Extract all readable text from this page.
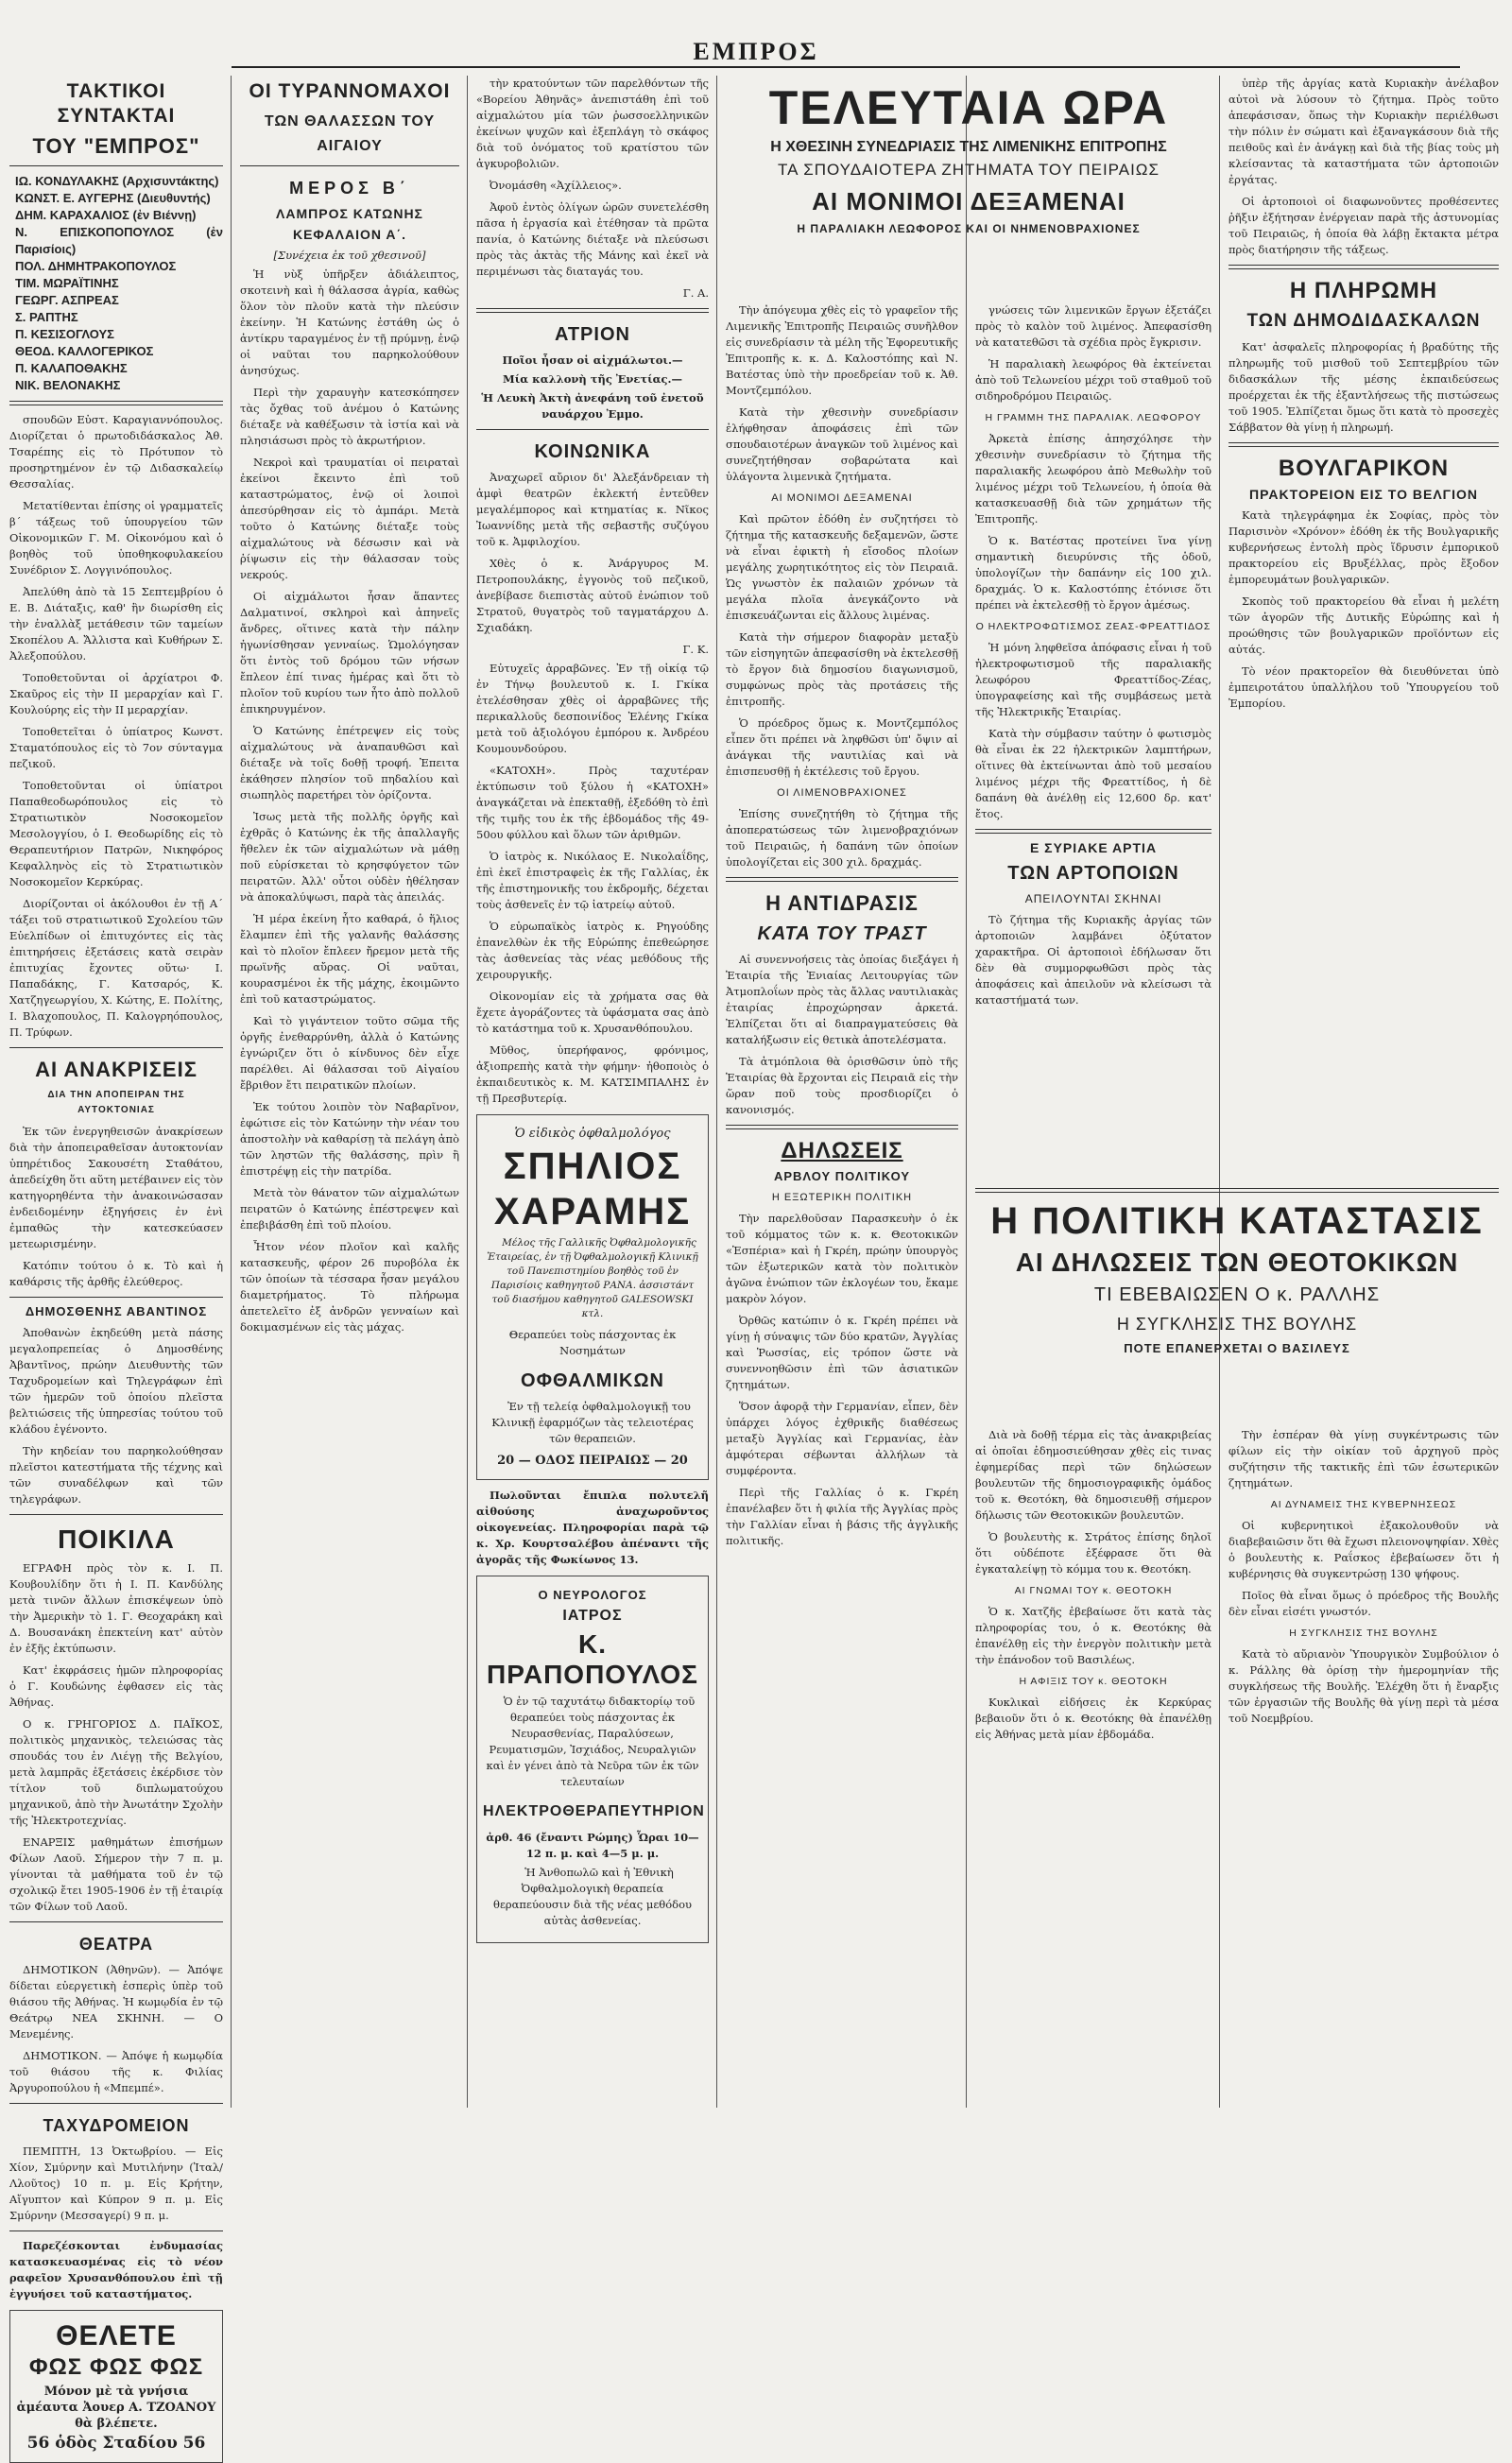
ΕΜΠΡΟΣ
ΤΑΚΤΙΚΟΙ ΣΥΝΤΑΚΤΑΙ
ΤΟΥ "ΕΜΠΡΟΣ"
ΙΩ. ΚΟΝΔΥΛΑΚΗΣ (Αρχισυντάκτης)
ΚΩΝΣΤ. Ε. ΑΥΓΕΡΗΣ (Διευθυντής)
ΔΗΜ. ΚΑΡΑΧΑΛΙΟΣ (ἐν Βιέννῃ)
Ν. ΕΠΙΣΚΟΠΟΠΟΥΛΟΣ (ἐν Παρισίοις)
ΠΟΛ. ΔΗΜΗΤΡΑΚΟΠΟΥΛΟΣ
ΤΙΜ. ΜΩΡΑΪΤΙΝΗΣ
ΓΕΩΡΓ. ΑΣΠΡΕΑΣ
Σ. ΡΑΠΤΗΣ
Π. ΚΕΣΙΣΟΓΛΟΥΣ
ΘΕΟΔ. ΚΑΛΛΟΓΕΡΙΚΟΣ
Π. ΚΑΛΑΠΟΘΑΚΗΣ
ΝΙΚ. ΒΕΛΟΝΑΚΗΣ

σπουδῶν Εὐστ. Καραγιαννόπουλος. Διορίζεται ὁ πρωτοδιδάσκαλος Ἀθ. Τσαρέπης εἰς τὸ Πρότυπον τὸ προσηρτημένον ἐν τῷ Διδασκαλείῳ Θεσσαλίας.

Μετατίθενται ἐπίσης οἱ γραμματεῖς β΄ τάξεως τοῦ ὑπουργείου τῶν Οἰκονομικῶν Γ. Μ. Οἰκονόμου καὶ ὁ βοηθὸς τοῦ ὑποθηκοφυλακείου Συνέδριον Σ. Λογγινόπουλος.

Ἀπελύθη ἀπὸ τὰ 15 Σεπτεμβρίου ὁ Ε. Β. Διάταξις, καθ' ἣν διωρίσθη εἰς τὴν ἐναλλὰξ μετάθεσιν τῶν ταμείων Σκοπέλου Α. Ἄλλιστα καὶ Κυθήρων Σ. Ἀλεξοπούλου.

Τοποθετοῦνται οἱ ἀρχίατροι Φ. Σκαῦρος εἰς τὴν ΙΙ μεραρχίαν καὶ Γ. Κουλούρης εἰς τὴν ΙΙ μεραρχίαν.

Τοποθετεῖται ὁ ὑπίατρος Κωνστ. Σταματόπουλος εἰς τὸ 7ον σύνταγμα πεζικοῦ.

Τοποθετοῦνται οἱ ὑπίατροι Παπαθεοδωρόπουλος εἰς τὸ Στρατιωτικὸν Νοσοκομεῖον Μεσολογγίου, ὁ Ι. Θεοδωρίδης εἰς τὸ Θεραπευτήριον Πατρῶν, Νικηφόρος Κεφαλληνὸς εἰς τὸ Στρατιωτικὸν Νοσοκομεῖον Κερκύρας.

Διορίζονται οἱ ἀκόλουθοι ἐν τῇ Α΄ τάξει τοῦ στρατιωτικοῦ Σχολείου τῶν Εὐελπίδων οἱ ἐπιτυχόντες εἰς τὰς ἐπιτηρήσεις ἐξετάσεις κατὰ σειρὰν ἐπιτυχίας ἔχοντες οὕτω· Ι. Παπαδάκης, Γ. Κατσαρός, Κ. Χατζηγεωργίου, Χ. Κώτης, Ε. Πολίτης, Ι. Βλαχοπουλος, Π. Καλογρηόπουλος, Π. Τρύφων.

ΑΙ ΑΝΑΚΡΙΣΕΙΣ
ΔΙΑ ΤΗΝ ΑΠΟΠΕΙΡΑΝ ΤΗΣ ΑΥΤΟΚΤΟΝΙΑΣ

Ἐκ τῶν ἐνεργηθεισῶν ἀνακρίσεων διὰ τὴν ἀποπειραθεῖσαν ἀυτοκτονίαν ὑπηρέτιδος Σακουσέτη Σταθάτου, ἀπεδείχθη ὅτι αὕτη μετέβαινεν εἰς τὸν κατηγορηθέντα τὴν ἀνακοινώσασαν ἐνδειδομένην ἐξηγήσεις ἐν ἑνὶ ἐμπαθῶς τὴν κατεσκεύασεν μετεωρισμένην.

Κατόπιν τούτου ὁ κ. Τὸ καὶ ἡ καθάρσις τῆς ἀρθῆς ἐλεύθερος.

ΔΗΜΟΣΘΕΝΗΣ ΑΒΑΝΤΙΝΟΣ

Ἀποθανὼν ἐκηδεύθη μετὰ πάσης μεγαλοπρεπείας ὁ Δημοσθένης Ἀβαντῖνος, πρώην Διευθυντὴς τῶν Ταχυδρομείων καὶ Τηλεγράφων ἐπὶ τῶν ἡμερῶν τοῦ ὁποίου πλεῖστα βελτιώσεις τῆς ὑπηρεσίας τούτου τοῦ κλάδου ἐγένοντο.

Τὴν κηδείαν του παρηκολούθησαν πλεῖστοι κατεστήματα τῆς τέχνης καὶ τῶν συναδέλφων καὶ τῶν τηλεγράφων.

ΠΟΙΚΙΛΑ

ΕΓΡΑΦΗ πρὸς τὸν κ. Ι. Π. Κουβουλίδην ὅτι ἡ Ι. Π. Κανδύλης μετὰ τινῶν ἄλλων ἐπισκέψεων ὑπὸ τὴν Ἀμερικὴν τὸ 1. Γ. Θεοχαράκη καὶ Δ. Βουσανάκη ἐπεκτείνη κατ' αὐτὸν ἐν ἐξῆς ἐκτύπωσιν.

Κατ' ἐκφράσεις ἡμῶν πληροφορίας ὁ Γ. Κουδώνης ἐφθασεν εἰς τὰς Ἀθήνας.

Ο κ. ΓΡΗΓΟΡΙΟΣ Δ. ΠΑΪΚΟΣ, πολιτικὸς μηχανικὸς, τελειώσας τὰς σπουδάς του ἐν Λιέγῃ τῆς Βελγίου, μετὰ λαμπρᾶς ἐξετάσεις ἐκέρδισε τὸν τίτλον τοῦ διπλωματούχου μηχανικοῦ, ἀπὸ τὴν Ἀνωτάτην Σχολὴν τῆς Ἠλεκτροτεχνίας.

ΕΝΑΡΞΙΣ μαθημάτων ἐπισήμων Φίλων Λαοῦ. Σήμερον τὴν 7 π. μ. γίνονται τὰ μαθήματα τοῦ ἐν τῷ σχολικῷ ἔτει 1905-1906 ἐν τῇ ἑταιρίᾳ τῶν Φίλων τοῦ Λαοῦ.

ΘΕΑΤΡΑ

ΔΗΜΟΤΙΚΟΝ (Ἀθηνῶν). — Ἀπόψε δίδεται εὐεργετικὴ ἑσπερὶς ὑπὲρ τοῦ θιάσου τῆς Ἀθήνας. Ἡ κωμῳδία ἐν τῷ Θεάτρῳ ΝΕΑ ΣΚΗΝΗ. — Ο Μενεμένης.

ΔΗΜΟΤΙΚΟΝ. — Ἀπόψε ἡ κωμῳδία τοῦ θιάσου τῆς κ. Φιλίας Ἀργυροπούλου ἡ «Μπεμπέ».

ΤΑΧΥΔΡΟΜΕΙΟΝ

ΠΕΜΠΤΗ, 13 Ὀκτωβρίου. — Εἰς Χίον, Σμύρνην καὶ Μυτιλήνην (Ἰταλ/Λλοῦτος) 10 π. μ. Εἰς Κρήτην, Αἴγυπτον καὶ Κύπρον 9 π. μ. Εἰς Σμύρνην (Μεσσαγερί) 9 π. μ.

Παρεζέσκονται ἐνδυμασίας κατασκευασμένας εἰς τὸ νέον ραφεῖον Χρυσανθόπουλου ἐπὶ τῇ ἐγγυήσει τοῦ καταστήματος.

ΘΕΛΕΤΕ
ΦΩΣ ΦΩΣ ΦΩΣ
Μόνον μὲ τὰ γνήσια ἀμέαυτα Ἀουερ Α. ΤΖΟΑΝΟΥ θὰ βλέπετε.
56 ὁδὸς Σταδίου 56
ΟΙ ΤΥΡΑΝΝΟΜΑΧΟΙ
ΤΩΝ ΘΑΛΑΣΣΩΝ ΤΟΥ ΑΙΓΑΙΟΥ
ΜΕΡΟΣ Β΄
ΛΑΜΠΡΟΣ ΚΑΤΩΝΗΣ
ΚΕΦΑΛΑΙΟΝ Α΄.

[Συνέχεια ἐκ τοῦ χθεσινοῦ]

Ἡ νὺξ ὑπῆρξεν ἀδιάλειπτος, σκοτεινὴ καὶ ἡ θάλασσα ἀγρία, καθὼς ὅλον τὸν πλοῦν κατὰ τὴν πλεύσιν ἐκείνην. Ἡ Κατώνης ἐστάθη ὡς ὁ ἀντίκρυ ταραγμένος ἐν τῇ πρύμνῃ, ἐνῷ οἱ ναῦται του παρηκολούθουν ἀνησύχως.

Περὶ τὴν χαραυγὴν κατεσκόπησεν τὰς ὄχθας τοῦ ἀνέμου ὁ Κατώνης διέταξε νὰ καθέξωσιν τὰ ἱστία καὶ νὰ πλησιάσωσι πρὸς τὸ ἀκρωτήριον.

Νεκροὶ καὶ τραυματίαι οἱ πειραταὶ ἐκείνοι ἔκειντο ἐπὶ τοῦ καταστρώματος, ἐνῷ οἱ λοιποὶ ἀπεσύρθησαν εἰς τὸ ἀμπάρι. Μετὰ τοῦτο ὁ Κατώνης διέταξε τοὺς αἰχμαλώτους νὰ δέσωσιν καὶ νὰ ῥίψωσιν εἰς τὴν θάλασσαν τοὺς νεκρούς.

Οἱ αἰχμάλωτοι ἦσαν ἅπαντες Δαλματινοί, σκληροὶ καὶ ἀπηνεῖς ἄνδρες, οἵτινες κατὰ τὴν πάλην ἠγωνίσθησαν γενναίως. Ὡμολόγησαν ὅτι ἐντὸς τοῦ δρόμου τῶν νήσων ἔπλεον ἐπί τινας ἡμέρας καὶ ὅτι τὸ πλοῖον τοῦ κυρίου των ἦτο ἀπὸ πολλοῦ ἐπικηρυγμένον.

Ὁ Κατώνης ἐπέτρεψεν εἰς τοὺς αἰχμαλώτους νὰ ἀναπαυθῶσι καὶ διέταξε νὰ τοῖς δοθῇ τροφή. Ἐπειτα ἐκάθησεν πλησίον τοῦ πηδαλίου καὶ σιωπηλὸς παρετήρει τὸν ὁρίζοντα.

Ἰσως μετὰ τῆς πολλῆς ὀργῆς καὶ ἐχθρᾶς ὁ Κατώνης ἐκ τῆς ἀπαλλαγῆς ἤθελεν ἐκ τῶν αἰχμαλώτων νὰ μάθῃ ποῦ εὑρίσκεται τὸ κρησφύγετον τῶν πειρατῶν. Ἀλλ' οὗτοι οὐδὲν ἠθέλησαν νὰ ἀποκαλύψωσι, παρὰ τὰς ἀπειλάς.

Ἡ μέρα ἐκείνη ἦτο καθαρά, ὁ ἥλιος ἔλαμπεν ἐπὶ τῆς γαλανῆς θαλάσσης καὶ τὸ πλοῖον ἔπλεεν ἤρεμον μετὰ τῆς πρωϊνῆς αὔρας. Οἱ ναῦται, κουρασμένοι ἐκ τῆς μάχης, ἐκοιμῶντο ἐπὶ τοῦ καταστρώματος.

Καὶ τὸ γιγάντειον τοῦτο σῶμα τῆς ὀργῆς ἐνεθαρρύνθη, ἀλλὰ ὁ Κατώνης ἐγνώριζεν ὅτι ὁ κίνδυνος δὲν εἶχε παρέλθει. Αἱ θάλασσαι τοῦ Αἰγαίου ἔβριθον ἔτι πειρατικῶν πλοίων.

Ἐκ τούτου λοιπὸν τὸν Ναβαρῖνον, ἐφώτισε εἰς τὸν Κατώνην τὴν νέαν του ἀποστολὴν νὰ καθαρίσῃ τὰ πελάγη ἀπὸ τῶν ληστῶν τῆς θαλάσσης, πρὶν ἢ ἐπιστρέψῃ εἰς τὴν πατρίδα.

Μετὰ τὸν θάνατον τῶν αἰχμαλώτων πειρατῶν ὁ Κατώνης ἐπέστρεψεν καὶ ἐπεβιβάσθη ἐπὶ τοῦ πλοίου.

Ἦτον νέον πλοῖον καὶ καλῆς κατασκευῆς, φέρον 26 πυροβόλα ἐκ τῶν ὁποίων τὰ τέσσαρα ἦσαν μεγάλου διαμετρήματος. Τὸ πλήρωμα ἀπετελεῖτο ἐξ ἀνδρῶν γενναίων καὶ δοκιμασμένων εἰς τὰς μάχας.

τὴν κρατούντων τῶν παρελθόντων τῆς «Βορείου Ἀθηνᾶς» ἀνεπιστάθη ἐπὶ τοῦ αἰχμαλώτου μία τῶν ῥωσσοελληνικῶν ἐκείνων ψυχῶν καὶ ἐξεπλάγη τὸ σκάφος διὰ τοῦ ὀνόματος τοῦ κρατίστου τῶν ἀγκυροβολιῶν.

Ὀνομάσθη «Ἀχίλλειος».

Ἀφοῦ ἐντὸς ὀλίγων ὡρῶν συνετελέσθη πᾶσα ἡ ἐργασία καὶ ἐτέθησαν τὰ πρῶτα πανία, ὁ Κατώνης διέταξε νὰ πλεύσωσι πρὸς τὰς ἀκτὰς τῆς Μάνης καὶ ἐκεῖ νὰ περιμένωσι τὰς διαταγάς του.

Γ. Α.

ΑΤΡΙΟΝ

Ποῖοι ἦσαν οἱ αἰχμάλωτοι.—

Μία καλλονὴ τῆς Ἐνετίας.—

Ἡ Λευκὴ Ἀκτὴ ἀνεφάνη τοῦ ἐνετοῦ ναυάρχου Ἐμμο.

ΚΟΙΝΩΝΙΚΑ

Ἀναχωρεῖ αὔριον δι' Ἀλεξάνδρειαν τὴ ἀμφὶ θεατρῶν ἐκλεκτή ἐντεῦθεν μεγαλέμπορος καὶ κτηματίας κ. Νῖκος Ἰωαννίδης μετὰ τῆς σεβαστῆς συζύγου τοῦ κ. Ἀμφιλοχίου.

Χθὲς ὁ κ. Ἀνάργυρος Μ. Πετροπουλάκης, ἐγγονὸς τοῦ πεζικοῦ, ἀνεβίβασε διεπιστὰς αὐτοῦ ἐνώπιον τοῦ Στρατοῦ, θυγατρὸς τοῦ ταγματάρχου Δ. Σχιαδάκη.

Γ. Κ.

Εὐτυχεῖς ἀρραβῶνες. Ἐν τῇ οἰκίᾳ τῷ ἐν Τήνῳ βουλευτοῦ κ. Ι. Γκίκα ἐτελέσθησαν χθὲς οἱ ἀρραβῶνες τῆς περικαλλοῦς δεσποινίδος Ἐλένης Γκίκα μετὰ τοῦ ἀξιολόγου ἐμπόρου κ. Ἀνδρέου Κουμουνδούρου.

«ΚΑΤΟΧΗ». Πρὸς ταχυτέραν ἐκτύπωσιν τοῦ ξύλου ἡ «ΚΑΤΟΧΗ» ἀναγκάζεται νὰ ἐπεκταθῇ, ἐξεδόθη τὸ ἐπὶ τῆς τιμῆς του ἐκ τῆς ἑβδομάδος τῆς 49-50ου φύλλου καὶ ὅλων τῶν ἀριθμῶν.

Ὁ ἰατρὸς κ. Νικόλαος Ε. Νικολαΐδης, ἐπὶ ἐκεῖ ἐπιστραφεὶς ἐκ τῆς Γαλλίας, ἐκ τῆς ἐπιστημονικῆς του ἐκδρομῆς, δέχεται τοὺς ἀσθενεῖς ἐν τῷ ἰατρείῳ αὐτοῦ.

Ὁ εὐρωπαϊκὸς ἰατρὸς κ. Ρηγούδης ἐπανελθὼν ἐκ τῆς Εὐρώπης ἐπεθεώρησε τὰς ἀσθενείας τὰς νέας μεθόδους τῆς χειρουργικῆς.

Οἰκονομίαν εἰς τὰ χρήματα σας θὰ ἔχετε ἀγοράζοντες τὰ ὑφάσματα σας ἀπὸ τὸ κατάστημα τοῦ κ. Χρυσανθόπουλου.

Μῦθος, ὑπερήφανος, φρόνιμος, ἀξιοπρεπὴς κατὰ τὴν φήμην· ἠθοποιὸς ὁ ἐκπαιδευτικὸς κ. Μ. ΚΑΤΣΙΜΠΑΛΗΣ ἐν τῇ Πρεσβυτερίᾳ.

Ὁ εἰδικὸς ὀφθαλμολόγος
ΣΠΗΛΙΟΣ
ΧΑΡΑΜΗΣ

Μέλος τῆς Γαλλικῆς Ὀφθαλμολογικῆς Ἑταιρείας, ἐν τῇ Ὀφθαλμολογικῇ Κλινικῇ τοῦ Πανεπιστημίου βοηθὸς τοῦ ἐν Παρισίοις καθηγητοῦ ΡΑΝΑ. ἀσσιστάντ τοῦ διασήμου καθηγητοῦ GALESOWSKI κτλ.

Θεραπεύει τοὺς πάσχοντας ἐκ Νοσημάτων
ΟΦΘΑΛΜΙΚΩΝ

Ἐν τῇ τελείᾳ ὀφθαλμολογικῇ του Κλινικῇ ἐφαρμόζων τὰς τελειοτέρας τῶν θεραπειῶν.

20 — ΟΔΟΣ ΠΕΙΡΑΙΩΣ — 20

Πωλοῦνται ἔπιπλα πολυτελῆ αἰθούσης ἀναχωροῦντος οἰκογενείας. Πληροφορίαι παρὰ τῷ κ. Χρ. Κουρτσαλέβου ἀπέναντι τῆς ἀγορᾶς τῆς Φωκίωνος 13.

Ο ΝΕΥΡΟΛΟΓΟΣ
ΙΑΤΡΟΣ
Κ. ΠΡΑΠΟΠΟΥΛΟΣ

Ὁ ἐν τῷ ταχυτάτῳ διδακτορίῳ τοῦ θεραπεύει τοὺς πάσχοντας ἐκ Νευρασθενίας, Παραλύσεων, Ρευματισμῶν, Ἰσχιάδος, Νευραλγιῶν καὶ ἐν γένει ἀπὸ τὰ Νεῦρα τῶν ἐκ τῶν τελευταίων

ΗΛΕΚΤΡΟΘΕΡΑΠΕΥΤΗΡΙΟΝ
ἀρθ. 46 (ἔναντι Ρώμης) Ὧραι 10—12 π. μ. καὶ 4—5 μ. μ.

Ἡ Ἀνθοπωλῶ καὶ ἡ Ἐθνικὴ Ὀφθαλμολογικὴ θεραπεία θεραπεύουσιν διὰ τῆς νέας μεθόδου αὐτὰς ἀσθενείας.

ΤΕΛΕΥΤΑΙΑ ΩΡΑ
Η ΧΘΕΣΙΝΗ ΣΥΝΕΔΡΙΑΣΙΣ ΤΗΣ ΛΙΜΕΝΙΚΗΣ ΕΠΙΤΡΟΠΗΣ
ΤΑ ΣΠΟΥΔΑΙΟΤΕΡΑ ΖΗΤΗΜΑΤΑ ΤΟΥ ΠΕΙΡΑΙΩΣ
ΑΙ ΜΟΝΙΜΟΙ ΔΕΞΑΜΕΝΑΙ
Η ΠΑΡΑΛΙΑΚΗ ΛΕΩΦΟΡΟΣ ΚΑΙ ΟΙ ΝΗΜΕΝΟΒΡΑΧΙΟΝΕΣ

Τὴν ἀπόγευμα χθὲς εἰς τὸ γραφεῖον τῆς Λιμενικῆς Ἐπιτροπῆς Πειραιῶς συνῆλθον εἰς συνεδρίασιν τὰ μέλη τῆς Ἐφορευτικῆς Ἐπιτροπῆς κ. κ. Δ. Καλοστόπης καὶ Ν. Βατέστας ὑπὸ τὴν προεδρείαν τοῦ κ. Ἀθ. Μοντζεμπόλου.

Κατὰ τὴν χθεσινὴν συνεδρίασιν ἐλήφθησαν ἀποφάσεις ἐπὶ τῶν σπουδαιοτέρων ἀναγκῶν τοῦ λιμένος καὶ συνεζητήθησαν σοβαρώτατα καὶ ὑλάγοντα λιμενικὰ ζητήματα.

ΑΙ ΜΟΝΙΜΟΙ ΔΕΞΑΜΕΝΑΙ

Καὶ πρῶτον ἐδόθη ἐν συζητήσει τὸ ζήτημα τῆς κατασκευῆς δεξαμενῶν, ὥστε νὰ εἶναι ἐφικτὴ ἡ εἴσοδος πλοίων μεγάλης χωρητικότητος εἰς τὸν Πειραιᾶ. Ὡς γνωστὸν ἐκ παλαιῶν χρόνων τὰ μεγάλα πλοῖα ἀνεγκάζοντο νὰ ἐπισκευάζωνται εἰς ἄλλους λιμένας.

Κατὰ τὴν σήμερον διαφορὰν μεταξὺ τῶν εἰσηγητῶν ἀπεφασίσθη νὰ ἐκτελεσθῇ τὸ ἔργον διὰ δημοσίου διαγωνισμοῦ, συμφώνως πρὸς τὰς προτάσεις τῆς ἐπιτροπῆς.

Ὁ πρόεδρος ὅμως κ. Μοντζεμπόλος εἶπεν ὅτι πρέπει νὰ ληφθῶσι ὑπ' ὄψιν αἱ ἀνάγκαι τῆς ναυτιλίας καὶ νὰ ἐπισπευσθῇ ἡ ἐκτέλεσις τοῦ ἔργου.

ΟΙ ΛΙΜΕΝΟΒΡΑΧΙΟΝΕΣ

Ἐπίσης συνεζητήθη τὸ ζήτημα τῆς ἀποπερατώσεως τῶν λιμενοβραχιόνων τοῦ Πειραιῶς, ἡ δαπάνη τῶν ὁποίων ὑπολογίζεται εἰς 300 χιλ. δραχμάς.

Η ΑΝΤΙΔΡΑΣΙΣ
ΚΑΤΑ ΤΟΥ ΤΡΑΣΤ

Αἱ συνεννοήσεις τὰς ὁποίας διεξάγει ἡ Ἑταιρία τῆς Ἑνιαίας Λειτουργίας τῶν Ἀτμοπλοΐων πρὸς τὰς ἄλλας ναυτιλιακὰς ἑταιρίας ἐπροχώρησαν ἀρκετά. Ἐλπίζεται ὅτι αἱ διαπραγματεύσεις θὰ καταλήξωσιν εἰς θετικὰ ἀποτελέσματα.

Τὰ ἀτμόπλοια θὰ ὁρισθῶσιν ὑπὸ τῆς Ἑταιρίας θὰ ἔρχονται εἰς Πειραιᾶ εἰς τὴν ὥραν ποῦ τοὺς προσδιορίζει ὁ κανονισμός.

ΔΗΛΩΣΕΙΣ
ΑΡΒΛΟΥ ΠΟΛΙΤΙΚΟΥ
Η ΕΞΩΤΕΡΙΚΗ ΠΟΛΙΤΙΚΗ

Τὴν παρελθοῦσαν Παρασκευὴν ὁ ἐκ τοῦ κόμματος τῶν κ. κ. Θεοτοκικῶν «Ἑσπέρια» καὶ ἡ Γκρέη, πρώην ὑπουργὸς τῶν ἐξωτερικῶν κατὰ τὸν πολιτικὸν ἀγῶνα ἐνώπιον τῶν ἐκλογέων του, ἔκαμε μακρὸν λόγον.

Ὀρθῶς κατώπιν ὁ κ. Γκρέη πρέπει νὰ γίνῃ ἡ σύναψις τῶν δύο κρατῶν, Ἀγγλίας καὶ Ῥωσσίας, εἰς τρόπον ὥστε νὰ συνεννοηθῶσιν ἐπὶ τῶν ἀσιατικῶν ζητημάτων.

Ὅσον ἀφορᾷ τὴν Γερμανίαν, εἶπεν, δὲν ὑπάρχει λόγος ἐχθρικῆς διαθέσεως μεταξὺ Ἀγγλίας καὶ Γερμανίας, ἐὰν ἀμφότεραι σέβωνται ἀλλήλων τὰ συμφέροντα.

Περὶ τῆς Γαλλίας ὁ κ. Γκρέη ἐπανέλαβεν ὅτι ἡ φιλία τῆς Ἀγγλίας πρὸς τὴν Γαλλίαν εἶναι ἡ βάσις τῆς ἀγγλικῆς πολιτικῆς.

γνώσεις τῶν λιμενικῶν ἔργων ἐξετάζει πρὸς τὸ καλὸν τοῦ λιμένος. Ἀπεφασίσθη νὰ κατατεθῶσι τὰ σχέδια πρὸς ἔγκρισιν.

Ἡ παραλιακὴ λεωφόρος θὰ ἐκτείνεται ἀπὸ τοῦ Τελωνείου μέχρι τοῦ σταθμοῦ τοῦ σιδηροδρόμου Πειραιῶς.

Η ΓΡΑΜΜΗ ΤΗΣ ΠΑΡΑΛΙΑΚ. ΛΕΩΦΟΡΟΥ

Ἀρκετὰ ἐπίσης ἀπησχόλησε τὴν χθεσινὴν συνεδρίασιν τὸ ζήτημα τῆς παραλιακῆς λεωφόρου ἀπὸ Μεθωλὴν τοῦ λιμένος μέχρι τοῦ Τελωνείου, ἡ ὁποία θὰ κατασκευασθῇ διὰ τῶν χρημάτων τῆς Ἐπιτροπῆς.

Ὁ κ. Βατέστας προτείνει ἵνα γίνῃ σημαντικὴ διευρύνσις τῆς ὁδοῦ, ὑπολογίζων τὴν δαπάνην εἰς 100 χιλ. δραχμάς. Ὁ κ. Καλοστόπης ἐτόνισε ὅτι πρέπει νὰ ἐκτελεσθῇ τὸ ἔργον ἀμέσως.

Ο ΗΛΕΚΤΡΟΦΩΤΙΣΜΟΣ ΖΕΑΣ-ΦΡΕΑΤΤΙΔΟΣ

Ἡ μόνη ληφθεῖσα ἀπόφασις εἶναι ἡ τοῦ ἠλεκτροφωτισμοῦ τῆς παραλιακῆς λεωφόρου Φρεαττίδος-Ζέας, ὑπογραφείσης καὶ τῆς συμβάσεως μετὰ τῆς Ἠλεκτρικῆς Ἑταιρίας.

Κατὰ τὴν σύμβασιν ταύτην ὁ φωτισμὸς θὰ εἶναι ἐκ 22 ἠλεκτρικῶν λαμπτήρων, οἵτινες θὰ ἐκτείνωνται ἀπὸ τοῦ μεσαίου λιμένος μέχρι τῆς Φρεαττίδος, ἡ δὲ δαπάνη θὰ ἀνέλθῃ εἰς 12,600 δρ. κατ' ἔτος.

Ε ΣΥΡΙΑΚΕ ΑΡΤΙΑ
ΤΩΝ ΑΡΤΟΠΟΙΩΝ
ΑΠΕΙΛΟΥΝΤΑΙ ΣΚΗΝΑΙ

Τὸ ζήτημα τῆς Κυριακῆς ἀργίας τῶν ἀρτοποιῶν λαμβάνει ὀξύτατον χαρακτῆρα. Οἱ ἀρτοποιοὶ ἐδήλωσαν ὅτι δὲν θὰ συμμορφωθῶσι πρὸς τὰς ἀποφάσεις καὶ ἀπειλοῦν νὰ κλείσωσι τὰ καταστήματά των.

Η ΠΟΛΙΤΙΚΗ ΚΑΤΑΣΤΑΣΙΣ
ΑΙ ΔΗΛΩΣΕΙΣ ΤΩΝ ΘΕΟΤΟΚΙΚΩΝ
ΤΙ ΕΒΕΒΑΙΩΣΕΝ Ο κ. ΡΑΛΛΗΣ
Η ΣΥΓΚΛΗΣΙΣ ΤΗΣ ΒΟΥΛΗΣ
ΠΟΤΕ ΕΠΑΝΕΡΧΕΤΑΙ Ο ΒΑΣΙΛΕΥΣ

Διὰ νὰ δοθῇ τέρμα εἰς τὰς ἀνακριβείας αἱ ὁποῖαι ἐδημοσιεύθησαν χθὲς εἰς τινας ἐφημερίδας περὶ τῶν δηλώσεων βουλευτῶν τῆς δημοσιογραφικῆς ὁμάδος τοῦ κ. Θεοτόκη, θὰ δημοσιευθῇ σήμερον δήλωσις τῶν Θεοτοκικῶν βουλευτῶν.

Ὁ βουλευτὴς κ. Στράτος ἐπίσης δηλοῖ ὅτι οὐδέποτε ἐξέφρασε ὅτι θὰ ἐγκαταλείψῃ τὸ κόμμα του κ. Θεοτόκη.

ΑΙ ΓΝΩΜΑΙ ΤΟΥ κ. ΘΕΟΤΟΚΗ

Ὁ κ. Χατζῆς ἐβεβαίωσε ὅτι κατὰ τὰς πληροφορίας του, ὁ κ. Θεοτόκης θὰ ἐπανέλθῃ εἰς τὴν ἐνεργὸν πολιτικὴν μετὰ τὴν ἐπάνοδον τοῦ Βασιλέως.

Η ΑΦΙΞΙΣ ΤΟΥ κ. ΘΕΟΤΟΚΗ

Κυκλικαὶ εἰδήσεις ἐκ Κερκύρας βεβαιοῦν ὅτι ὁ κ. Θεοτόκης θὰ ἐπανέλθῃ εἰς Ἀθήνας μετὰ μίαν ἑβδομάδα.

ὑπὲρ τῆς ἀργίας κατὰ Κυριακὴν ἀνέλαβον αὐτοὶ νὰ λύσουν τὸ ζήτημα. Πρὸς τοῦτο ἀπεφάσισαν, ὅπως τὴν Κυριακὴν περιέλθωσι τὴν πόλιν ἐν σώματι καὶ ἐξαναγκάσουν διὰ τῆς πειθοῦς καὶ ἐν ἀνάγκῃ καὶ διὰ τῆς βίας τοὺς μὴ κλείσαντας τὰ καταστήματα τῶν ἀρτοποιῶν ἐργάτας.

Οἱ ἀρτοποιοὶ οἱ διαφωνοῦντες προθέσεντες ῥῆξιν ἐξήτησαν ἐνέργειαν παρὰ τῆς ἀστυνομίας τοῦ Πειραιῶς, ἡ ὁποία θὰ λάβῃ ἔκτακτα μέτρα πρὸς διατήρησιν τῆς τάξεως.

Η ΠΛΗΡΩΜΗ
ΤΩΝ ΔΗΜΟΔΙΔΑΣΚΑΛΩΝ

Κατ' ἀσφαλεῖς πληροφορίας ἡ βραδύτης τῆς πληρωμῆς τοῦ μισθοῦ τοῦ Σεπτεμβρίου τῶν διδασκάλων τῆς μέσης ἐκπαιδεύσεως προέρχεται ἐκ τῆς ἐξαντλήσεως τῆς πιστώσεως τοῦ 1905. Ἐλπίζεται ὅμως ὅτι κατὰ τὸ προσεχὲς Σάββατον θὰ γίνῃ ἡ πληρωμή.

ΒΟΥΛΓΑΡΙΚΟΝ
ΠΡΑΚΤΟΡΕΙΟΝ ΕΙΣ ΤΟ ΒΕΛΓΙΟΝ

Κατὰ τηλεγράφημα ἐκ Σοφίας, πρὸς τὸν Παρισινὸν «Χρόνον» ἐδόθη ἐκ τῆς Βουλγαρικῆς κυβερνήσεως ἐντολὴ πρὸς ἵδρυσιν ἐμπορικοῦ πρακτορείου εἰς Βρυξέλλας, πρὸς ἔξοδον ἑμπορευμάτων βουλγαρικῶν.

Σκοπὸς τοῦ πρακτορείου θὰ εἶναι ἡ μελέτη τῶν ἀγορῶν τῆς Δυτικῆς Εὐρώπης καὶ ἡ προώθησις τῶν βουλγαρικῶν προϊόντων εἰς αὐτάς.

Τὸ νέον πρακτορεῖον θὰ διευθύνεται ὑπὸ ἐμπειροτάτου ὑπαλλήλου τοῦ Ὑπουργείου τοῦ Ἐμπορίου.

Τὴν ἑσπέραν θὰ γίνῃ συγκέντρωσις τῶν φίλων εἰς τὴν οἰκίαν τοῦ ἀρχηγοῦ πρὸς συζήτησιν τῆς τακτικῆς ἐπὶ τῶν ἐσωτερικῶν ζητημάτων.

ΑΙ ΔΥΝΑΜΕΙΣ ΤΗΣ ΚΥΒΕΡΝΗΣΕΩΣ

Οἱ κυβερνητικοὶ ἐξακολουθοῦν νὰ διαβεβαιῶσιν ὅτι θὰ ἔχωσι πλειονοψηφίαν. Χθὲς ὁ βουλευτὴς κ. Ραΐσκος ἐβεβαίωσεν ὅτι ἡ κυβέρνησις θὰ συγκεντρώσῃ 130 ψήφους.

Ποῖος θὰ εἶναι ὅμως ὁ πρόεδρος τῆς Βουλῆς δὲν εἶναι εἰσέτι γνωστόν.

Η ΣΥΓΚΛΗΣΙΣ ΤΗΣ ΒΟΥΛΗΣ

Κατὰ τὸ αὔριανὸν Ὑπουργικὸν Συμβούλιον ὁ κ. Ράλλης θὰ ὁρίσῃ τὴν ἡμερομηνίαν τῆς συγκλήσεως τῆς Βουλῆς. Ἐλέχθη ὅτι ἡ ἔναρξις τῶν ἐργασιῶν τῆς Βουλῆς θὰ γίνῃ περὶ τὰ μέσα τοῦ Νοεμβρίου.
